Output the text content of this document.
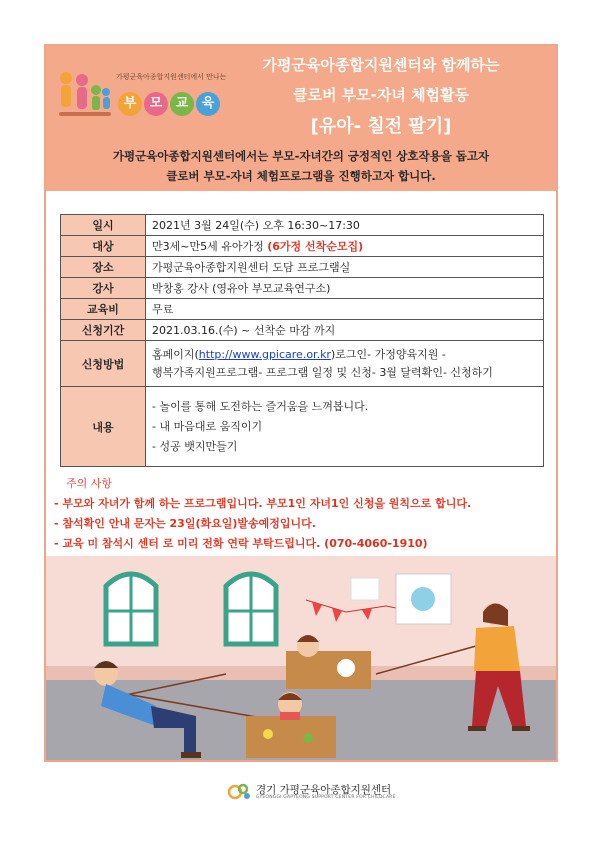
가평군육아종합지원센터에서 만나는
부	모	교	육
가평군육아종합지원센터와 함께하는
클로버 부모-자녀 체험활동
[유아- 칠전 팔기]
가평군육아종합지원센터에서는 부모-자녀간의 긍정적인 상호작용을 돕고자
클로버 부모-자녀 체험프로그램을 진행하고자 합니다.
일시	2021년 3월 24일(수) 오후 16:30~17:30
대상	만3세~만5세 유아가정 (6가정 선착순모집)
장소	가평군육아종합지원센터 도담 프로그램실
강사	박창홍 강사 (영유아 부모교육연구소)
교육비	무료
신청기간	2021.03.16.(수) ~ 선착순 마감 까지
신청방법	홈페이지(http://www.gpicare.or.kr)로그인- 가정양육지원 -
행복가족지원프로그램- 프로그램 일정 및 신청- 3월 달력확인- 신청하기

내용	- 놀이를 통해 도전하는 즐거움을 느껴봅니다.
- 내 마음대로 움직이기
- 성공 뱃지만들기
주의 사항
- 부모와 자녀가 함께 하는 프로그램입니다. 부모1인 자녀1인 신청을 원칙으로 합니다.
- 참석확인 안내 문자는 23일(화요일)발송예정입니다.
- 교육 미 참석시 센터 로 미리 전화 연락 부탁드립니다. (070-4060-1910)
경기 가평군육아종합지원센터
GYEONGGI GAPYEONG SUPPORT CENTER FOR CHILDCARE
